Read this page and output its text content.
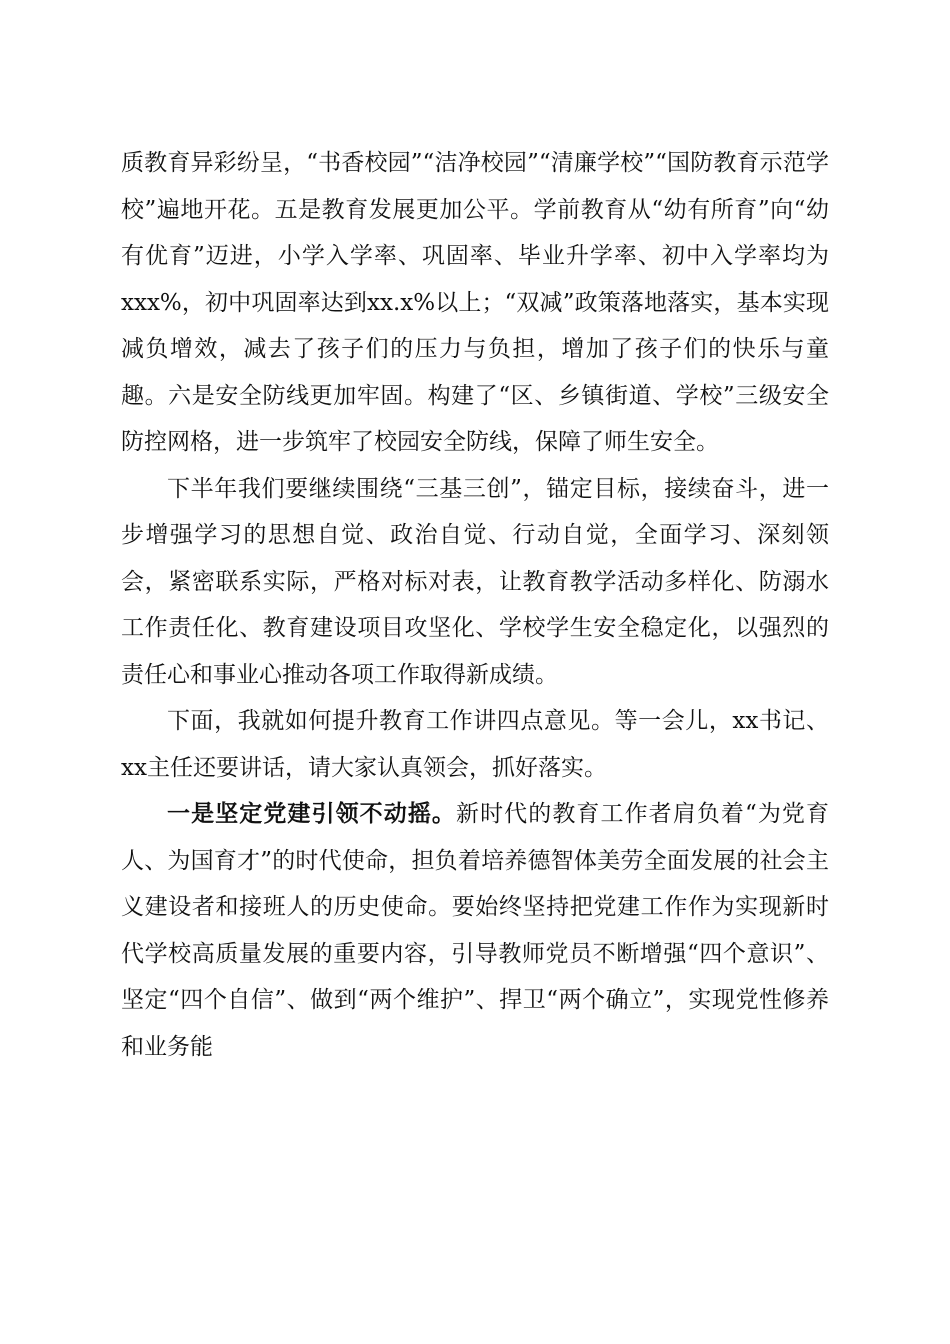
质教育异彩纷呈，“书香校园”“洁净校园”“清廉学校”“国防教育示范学校”遍地开花。五是教育发展更加公平。学前教育从“幼有所育”向“幼有优育”迈进，小学入学率、巩固率、毕业升学率、初中入学率均为xxx%，初中巩固率达到xx.x%以上；“双减”政策落地落实，基本实现减负增效，减去了孩子们的压力与负担，增加了孩子们的快乐与童趣。六是安全防线更加牢固。构建了“区、乡镇街道、学校”三级安全防控网格，进一步筑牢了校园安全防线，保障了师生安全。

下半年我们要继续围绕“三基三创”，锚定目标，接续奋斗，进一步增强学习的思想自觉、政治自觉、行动自觉，全面学习、深刻领会，紧密联系实际，严格对标对表，让教育教学活动多样化、防溺水工作责任化、教育建设项目攻坚化、学校学生安全稳定化，以强烈的责任心和事业心推动各项工作取得新成绩。

下面，我就如何提升教育工作讲四点意见。等一会儿，xx书记、xx主任还要讲话，请大家认真领会，抓好落实。

一是坚定党建引领不动摇。新时代的教育工作者肩负着“为党育人、为国育才”的时代使命，担负着培养德智体美劳全面发展的社会主义建设者和接班人的历史使命。要始终坚持把党建工作作为实现新时代学校高质量发展的重要内容，引导教师党员不断增强“四个意识”、坚定“四个自信”、做到“两个维护”、捍卫“两个确立”，实现党性修养和业务能
